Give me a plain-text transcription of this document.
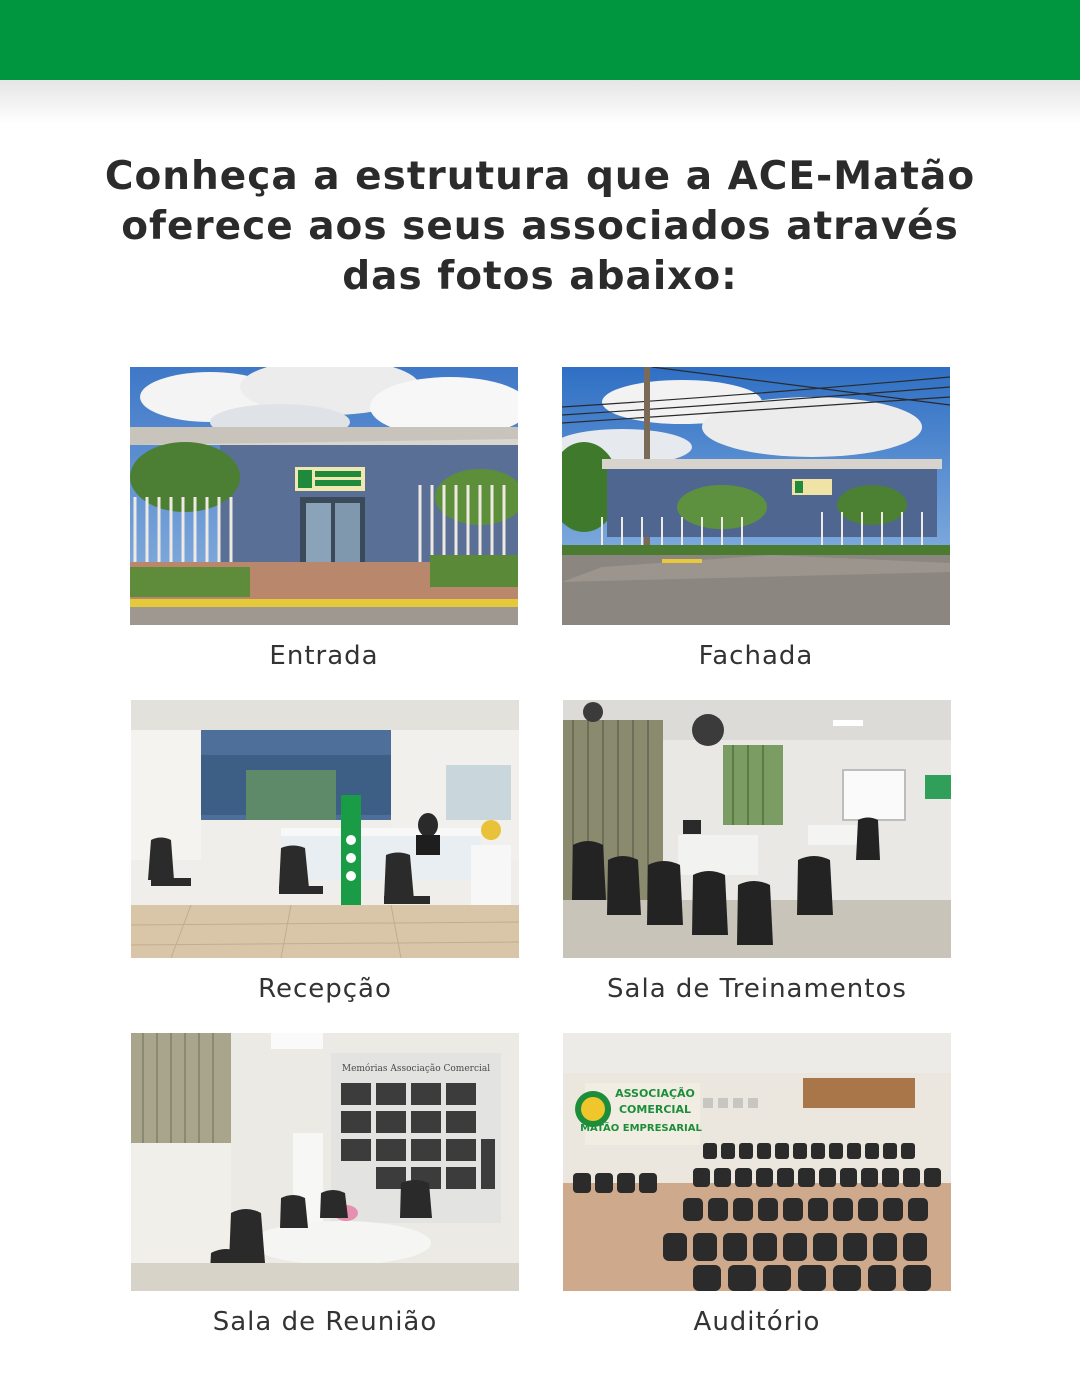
Conheça a estrutura que a ACE-Matão oferece aos seus associados através das fotos abaixo:
Entrada	Fachada
Recepção	Sala de Treinamentos
Memórias Associação Comercial
Sala de Reunião
ASSOCIAÇÃO
COMERCIAL
MATÃO EMPRESARIAL
Auditório
